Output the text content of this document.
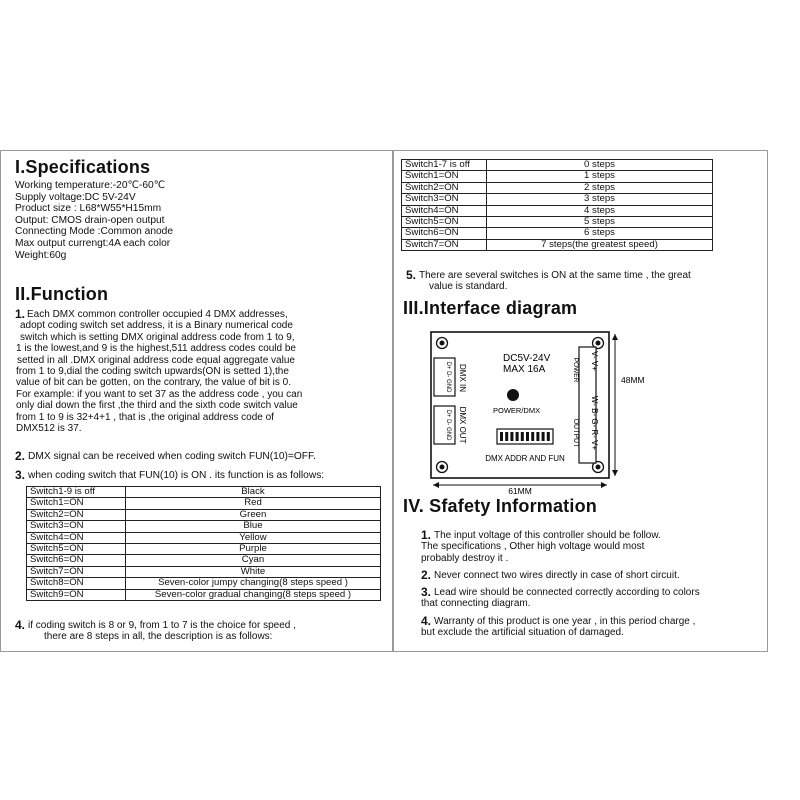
I.Specifications
Working temperature:-20℃-60℃
Supply voltage:DC 5V-24V
Product size : L68*W55*H15mm
Output: CMOS drain-open output
Connecting Mode :Common anode
Max output currengt:4A each color
Weight:60g
II.Function
1. Each DMX common controller occupied 4 DMX addresses,
adopt coding switch set address, it is a Binary numerical code
switch which is setting DMX original address code from 1 to 9,
1 is the lowest,and 9 is the highest,511 address codes could be
setted in all .DMX original address code equal aggregate value
from 1 to 9,dial the coding switch upwards(ON is setted 1),the
value of bit can be gotten, on the contrary, the value of bit is 0.
For example: if you want to set 37 as the address code , you can
only dial down the first ,the third and the sixth code switch value
from 1 to 9 is 32+4+1 , that is ,the original address code of
DMX512 is 37.
2. DMX signal can be received when coding switch FUN(10)=OFF.
3. when coding switch that FUN(10) is ON . its function is as follows:
Switch1-9 is off	Black
Switch1=ON	Red
Switch2=ON	Green
Switch3=ON	Blue
Switch4=ON	Yellow
Switch5=ON	Purple
Switch6=ON	Cyan
Switch7=ON	White
Switch8=ON	Seven-color jumpy changing(8 steps speed )
Switch9=ON	Seven-color gradual changing(8 steps speed )
4. if coding switch is 8 or 9, from 1 to 7 is the choice for speed ,
there are 8 steps in all, the description is as follows:
Switch1-7 is off	0 steps
Switch1=ON	1 steps
Switch2=ON	2 steps
Switch3=ON	3 steps
Switch4=ON	4 steps
Switch5=ON	5 steps
Switch6=ON	6 steps
Switch7=ON	7 steps(the greatest speed)
5. There are several switches is ON at the same time , the great
value is standard.
III.Interface diagram
D+ D- GND DMX IN
D+ D- GND DMX OUT
DC5V-24V
MAX 16A
POWER/DMX
V- V+
POWER
W- B- G- R- V+
OUTPUT
DMX ADDR AND FUN
61MM
48MM
IV. Sfafety Information
1. The input voltage of this controller should be follow.
The specifications , Other high voltage would most
probably destroy it .
2. Never connect two wires directly in case of short circuit.
3. Lead wire should be connected correctly according to colors
that connecting diagram.
4. Warranty of this product is one year , in this period charge ,
but exclude the artificial situation of damaged.
